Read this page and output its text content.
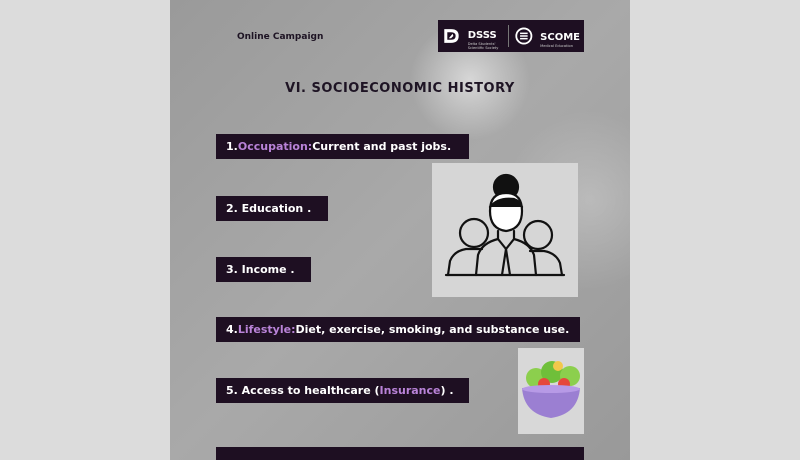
Online Campaign	DSSS
Delta Students' Scientific Society
SCOME
Medical Education
VI. SOCIOECONOMIC HISTORY
1. Occupation: Current and past jobs.
2. Education .
3. Income .
4. Lifestyle: Diet, exercise, smoking, and substance use.
5. Access to healthcare ( Insurance ) .
